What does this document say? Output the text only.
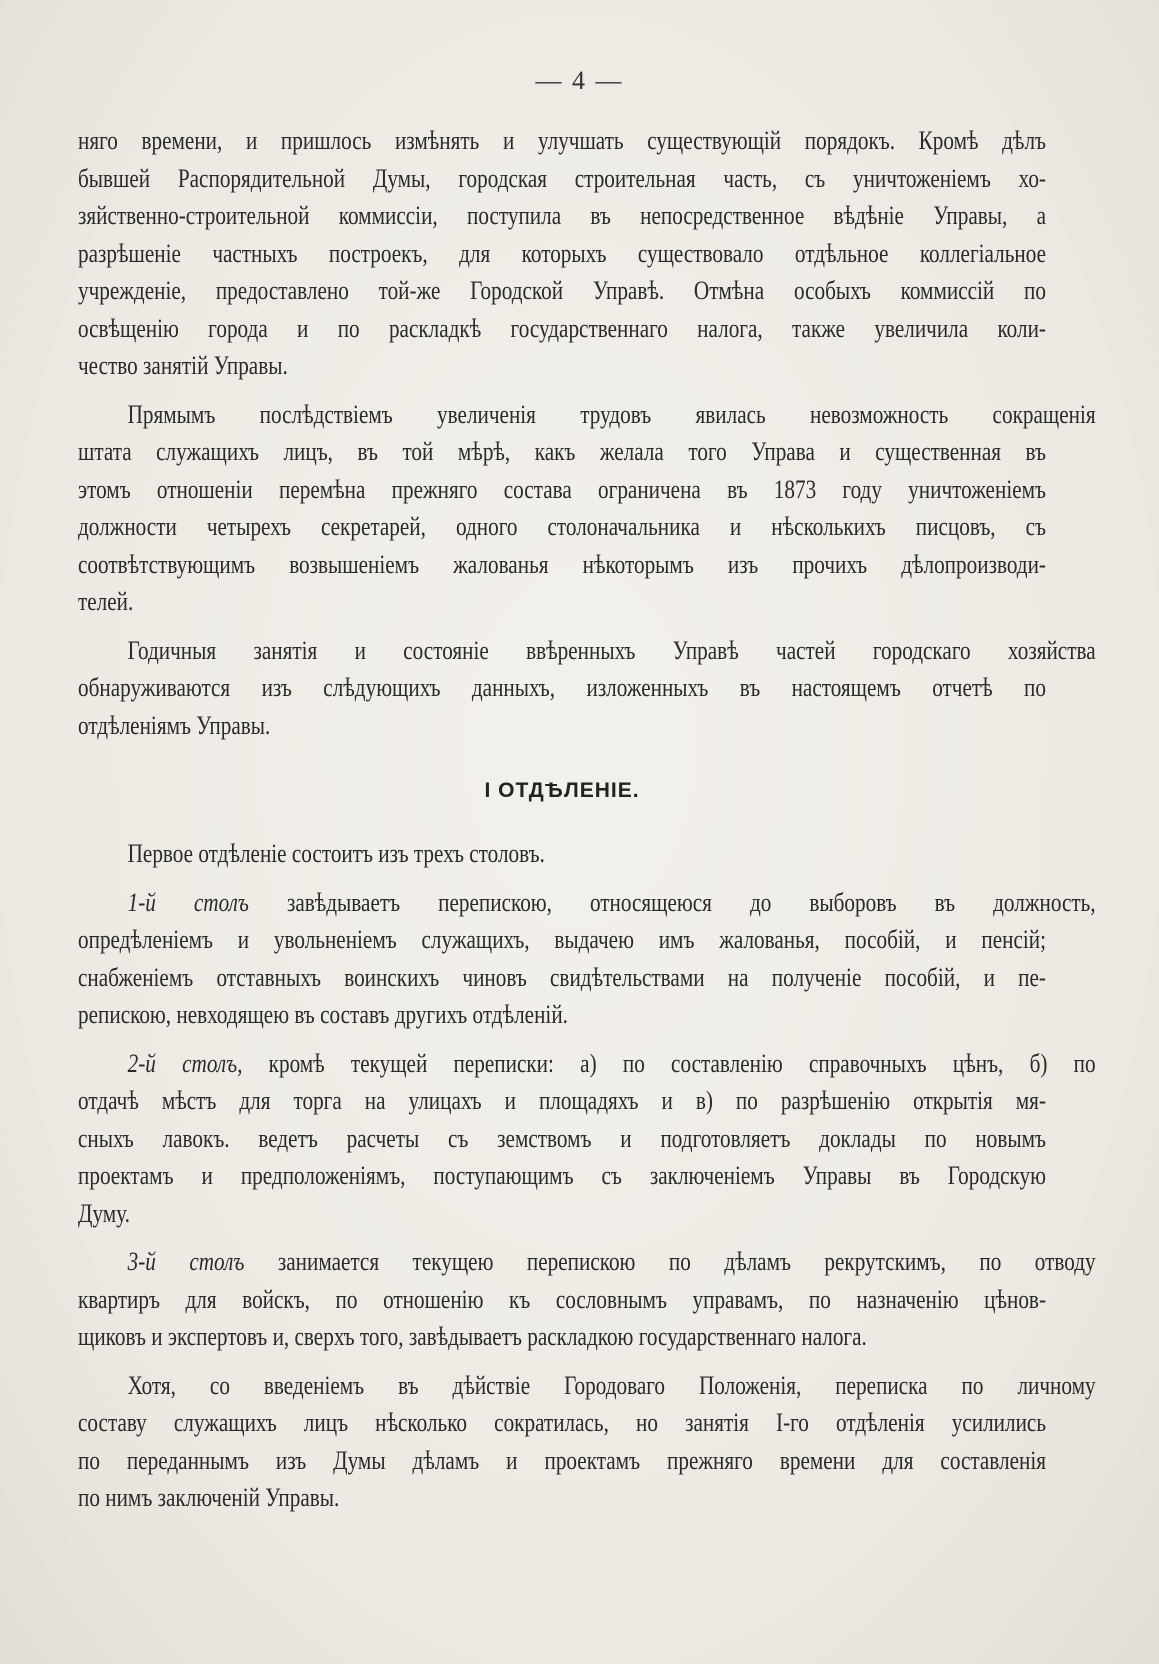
— 4 —
няго времени, и пришлось измѣнять и улучшать существующій порядокъ. Кромѣ дѣлъ
бывшей Распорядительной Думы, городская строительная часть, съ уничтоженіемъ хо-
зяйственно-строительной коммиссіи, поступила въ непосредственное вѣдѣніе Управы, а
разрѣшеніе частныхъ построекъ, для которыхъ существовало отдѣльное коллегіальное
учрежденіе, предоставлено той-же Городской Управѣ. Отмѣна особыхъ коммиссій по
освѣщенію города и по раскладкѣ государственнаго налога, также увеличила коли-
чество занятій Управы.
Прямымъ послѣдствіемъ увеличенія трудовъ явилась невозможность сокращенія
штата служащихъ лицъ, въ той мѣрѣ, какъ желала того Управа и существенная въ
этомъ отношеніи перемѣна прежняго состава ограничена въ 1873 году уничтоженіемъ
должности четырехъ секретарей, одного столоначальника и нѣсколькихъ писцовъ, съ
соотвѣтствующимъ возвышеніемъ жалованья нѣкоторымъ изъ прочихъ дѣлопроизводи-
телей.
Годичныя занятія и состояніе ввѣренныхъ Управѣ частей городскаго хозяйства
обнаруживаются изъ слѣдующихъ данныхъ, изложенныхъ въ настоящемъ отчетѣ по
отдѣленіямъ Управы.
I ОТДѢЛЕНІЕ.
Первое отдѣленіе состоитъ изъ трехъ столовъ.
1-й столъ завѣдываетъ перепискою, относящеюся до выборовъ въ должность,
опредѣленіемъ и увольненіемъ служащихъ, выдачею имъ жалованья, пособій, и пенсій;
снабженіемъ отставныхъ воинскихъ чиновъ свидѣтельствами на полученіе пособій, и пе-
репискою, невходящею въ составъ другихъ отдѣленій.
2-й столъ, кромѣ текущей переписки: а) по составленію справочныхъ цѣнъ, б) по
отдачѣ мѣстъ для торга на улицахъ и площадяхъ и в) по разрѣшенію открытія мя-
сныхъ лавокъ. ведетъ расчеты съ земствомъ и подготовляетъ доклады по новымъ
проектамъ и предположеніямъ, поступающимъ съ заключеніемъ Управы въ Городскую
Думу.
3-й столъ занимается текущею перепискою по дѣламъ рекрутскимъ, по отводу
квартиръ для войскъ, по отношенію къ сословнымъ управамъ, по назначенію цѣнов-
щиковъ и экспертовъ и, сверхъ того, завѣдываетъ раскладкою государственнаго налога.
Хотя, со введеніемъ въ дѣйствіе Городоваго Положенія, переписка по личному
составу служащихъ лицъ нѣсколько сократилась, но занятія I-го отдѣленія усилились
по переданнымъ изъ Думы дѣламъ и проектамъ прежняго времени для составленія
по нимъ заключеній Управы.
